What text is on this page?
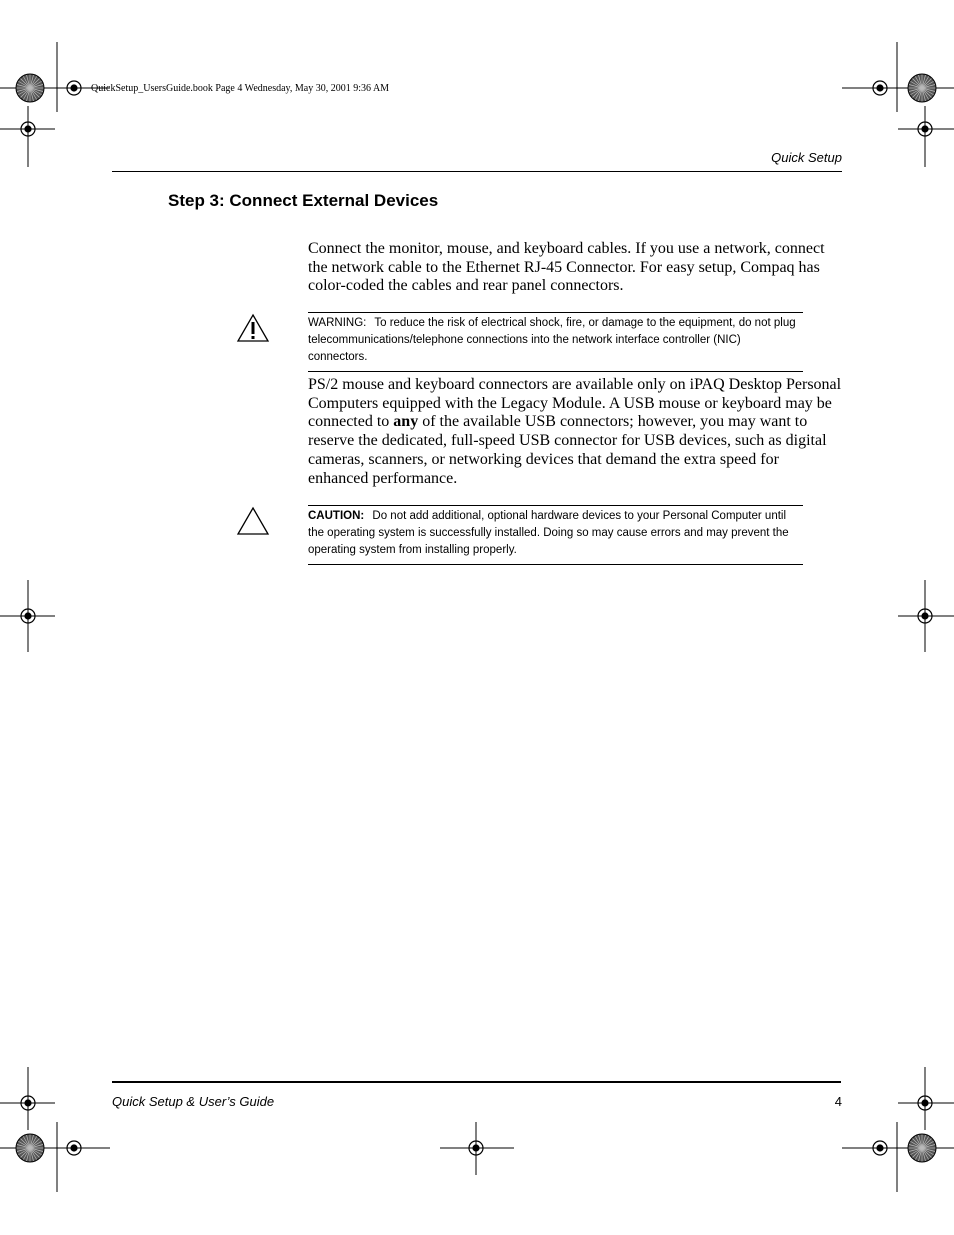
QuickSetup_UsersGuide.book Page 4 Wednesday, May 30, 2001 9:36 AM
Quick Setup
Step 3: Connect External Devices
Connect the monitor, mouse, and keyboard cables. If you use a network, connect the network cable to the Ethernet RJ-45 Connector. For easy setup, Compaq has color-coded the cables and rear panel connectors.
WARNING: To reduce the risk of electrical shock, fire, or damage to the equipment, do not plug telecommunications/telephone connections into the network interface controller (NIC) connectors.
PS/2 mouse and keyboard connectors are available only on iPAQ Desktop Personal Computers equipped with the Legacy Module. A USB mouse or keyboard may be connected to any of the available USB connectors; however, you may want to reserve the dedicated, full-speed USB connector for USB devices, such as digital cameras, scanners, or networking devices that demand the extra speed for enhanced performance.
CAUTION: Do not add additional, optional hardware devices to your Personal Computer until the operating system is successfully installed. Doing so may cause errors and may prevent the operating system from installing properly.
Quick Setup & User’s Guide	4
